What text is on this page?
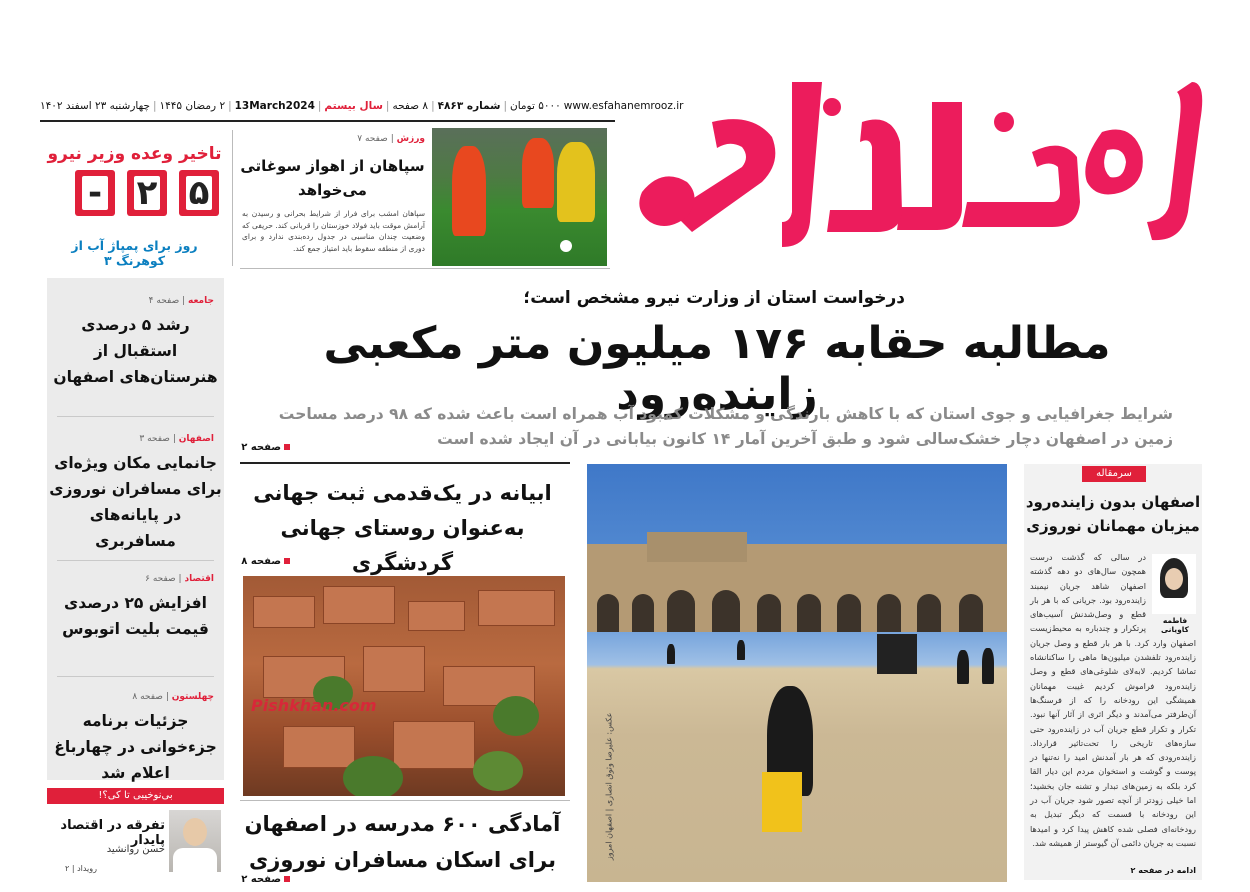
چهارشنبه ۲۳ اسفند ۱۴۰۲ | ۲ رمضان ۱۴۴۵ | 13March2024 | سال بیستم | ۸ صفحه | شماره ۴۸۶۳ | ۵۰۰۰ تومان www.esfahanemrooz.ir
تاخیر وعده وزیر نیرو
۵
۲
-
روز برای پمپاژ آب از کوهرنگ ۳
ورزش | صفحه ۷
سپاهان از اهواز سوغاتی می‌خواهد
سپاهان امشب برای فرار از شرایط بحرانی و رسیدن به آرامش موقت باید فولاد خوزستان را قربانی کند. حریفی که وضعیت چندان مناسبی در جدول رده‌بندی ندارد و برای دوری از منطقه سقوط باید امتیاز جمع کند.
جامعه | صفحه ۴
رشد ۵ درصدی استقبال از هنرستان‌های اصفهان
اصفهان | صفحه ۳
جانمایی مکان ویژه‌ای برای مسافران نوروزی در پایانه‌های مسافربری
اقتصاد | صفحه ۶
افزایش ۲۵ درصدی قیمت بلیت اتوبوس
چهلستون | صفحه ۸
جزئیات برنامه جزءخوانی در چهارباغ اعلام شد
بی‌نوخیبی تا کی؟!
تفرقه در اقتصاد پایدار
حسن روانشید
رویداد | ۲
درخواست استان از وزارت نیرو مشخص است؛
مطالبه حقابه ۱۷۶ میلیون متر مکعبی زاینده‌رود
شرایط جغرافیایی و جوی استان که با کاهش بارندگی و مشکلات کمبود آب همراه است باعث شده که ۹۸ درصد مساحت زمین در اصفهان دچار خشک‌سالی شود و طبق آخرین آمار ۱۴ کانون بیابانی در آن ایجاد شده است
صفحه ۲
ابیانه در یک‌قدمی ثبت جهانی به‌عنوان روستای جهانی گردشگری
صفحه ۸
Pishkhan.com
آمادگی ۶۰۰ مدرسه در اصفهان برای اسکان مسافران نوروزی
صفحه ۲
عکس: علیرضا وثوق انصاری | اصفهان امروز
سرمقاله
اصفهان بدون زاینده‌رود میزبان مهمانان نوروزی
فاطمه کاویانی
در سالی که گذشت درست همچون سال‌های دو دهه گذشته اصفهان شاهد جریان نیمبند زاینده‌رود بود. جریانی که با هر بار قطع و وصل‌شدنش آسیب‌های پرتکرار و چندباره به محیط‌زیست اصفهان وارد کرد. با هر بار قطع و وصل جریان زاینده‌رود تلفشدن میلیون‌ها ماهی را ساکنانشاه تماشا کردیم. لابه‌لای شلوغی‌های قطع و وصل زاینده‌رود فراموش کردیم غیبت مهمانان همیشگی این رودخانه را که از فرسنگ‌ها آن‌طرفتر می‌آمدند و دیگر اثری از آثار آنها نبود. تکرار و تکرار قطع جریان آب در زاینده‌رود حتی سازه‌های تاریخی را تحت‌تاثیر قرارداد. زاینده‌رودی که هر بار آمدنش امید را نه‌تنها در پوست و گوشت و استخوان مردم این دیار القا کرد بلکه به زمین‌های تبدار و تشنه جان بخشید؛ اما خیلی زودتر از آنچه تصور شود جریان آب در این رودخانه با قسمت که دیگر تبدیل به رودخانه‌ای فصلی شده کاهش پیدا کرد و امیدها نسبت به جریان دائمی آن گیوستر از همیشه شد.
ادامه در صفحه ۲
